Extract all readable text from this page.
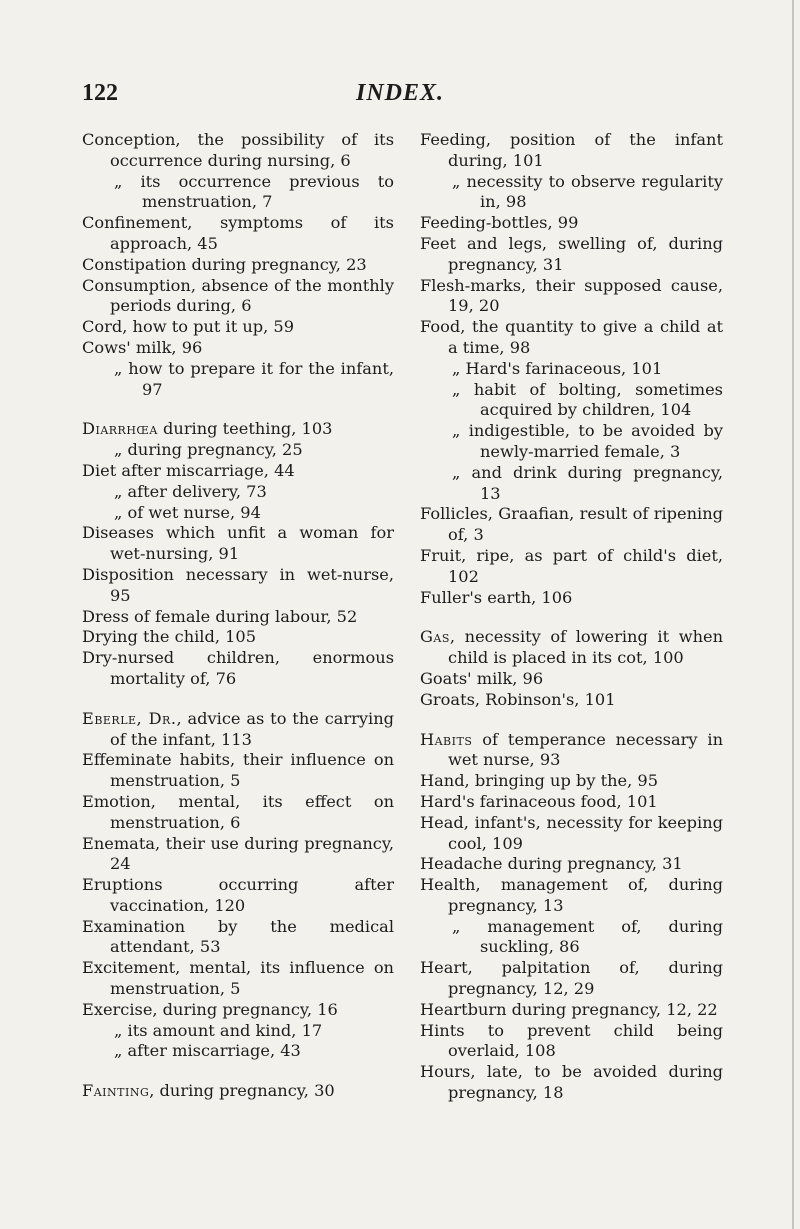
122	INDEX.
Conception, the possibility of its occurrence during nursing, 6
„ its occurrence previous to menstruation, 7
Confinement, symptoms of its approach, 45
Constipation during pregnancy, 23
Consumption, absence of the monthly periods during, 6
Cord, how to put it up, 59
Cows' milk, 96
„ how to prepare it for the infant, 97
Diarrhœa during teething, 103
„ during pregnancy, 25
Diet after miscarriage, 44
„ after delivery, 73
„ of wet nurse, 94
Diseases which unfit a woman for wet-nursing, 91
Disposition necessary in wet-nurse, 95
Dress of female during labour, 52
Drying the child, 105
Dry-nursed children, enormous mortality of, 76
Eberle, Dr., advice as to the carrying of the infant, 113
Effeminate habits, their influence on menstruation, 5
Emotion, mental, its effect on menstruation, 6
Enemata, their use during pregnancy, 24
Eruptions occurring after vaccination, 120
Examination by the medical attendant, 53
Excitement, mental, its influence on menstruation, 5
Exercise, during pregnancy, 16
„ its amount and kind, 17
„ after miscarriage, 43
Fainting, during pregnancy, 30
Feeding, position of the infant during, 101
„ necessity to observe regularity in, 98
Feeding-bottles, 99
Feet and legs, swelling of, during pregnancy, 31
Flesh-marks, their supposed cause, 19, 20
Food, the quantity to give a child at a time, 98
„ Hard's farinaceous, 101
„ habit of bolting, sometimes acquired by children, 104
„ indigestible, to be avoided by newly-married female, 3
„ and drink during pregnancy, 13
Follicles, Graafian, result of ripening of, 3
Fruit, ripe, as part of child's diet, 102
Fuller's earth, 106
Gas, necessity of lowering it when child is placed in its cot, 100
Goats' milk, 96
Groats, Robinson's, 101
Habits of temperance necessary in wet nurse, 93
Hand, bringing up by the, 95
Hard's farinaceous food, 101
Head, infant's, necessity for keeping cool, 109
Headache during pregnancy, 31
Health, management of, during pregnancy, 13
„ management of, during suckling, 86
Heart, palpitation of, during pregnancy, 12, 29
Heartburn during pregnancy, 12, 22
Hints to prevent child being overlaid, 108
Hours, late, to be avoided during pregnancy, 18
